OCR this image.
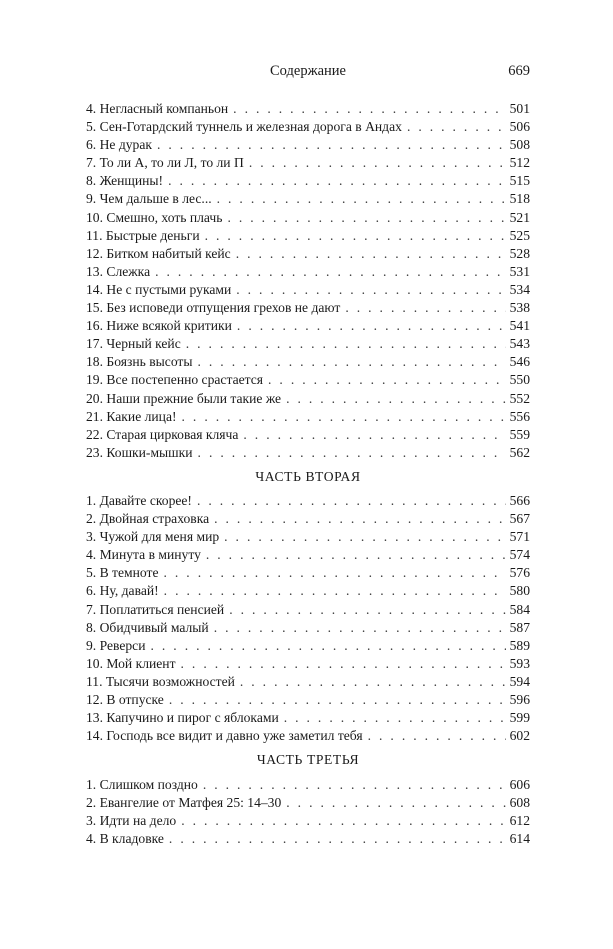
Содержание	669
4. Негласный компаньон . . .	501
5. Сен-Готардский туннель и железная дорога в Андах . . .	506
6. Не дурак . . .	508
7. То ли А, то ли Л, то ли П . . .	512
8. Женщины! . . .	515
9. Чем дальше в лес... . . .	518
10. Смешно, хоть плачь . . .	521
11. Быстрые деньги . . .	525
12. Битком набитый кейс . . .	528
13. Слежка . . .	531
14. Не с пустыми руками . . .	534
15. Без исповеди отпущения грехов не дают . . .	538
16. Ниже всякой критики . . .	541
17. Черный кейс . . .	543
18. Боязнь высоты . . .	546
19. Все постепенно срастается . . .	550
20. Наши прежние были такие же . . .	552
21. Какие лица! . . .	556
22. Старая цирковая кляча . . .	559
23. Кошки-мышки . . .	562
ЧАСТЬ ВТОРАЯ
1. Давайте скорее! . . .	566
2. Двойная страховка . . .	567
3. Чужой для меня мир . . .	571
4. Минута в минуту . . .	574
5. В темноте . . .	576
6. Ну, давай! . . .	580
7. Поплатиться пенсией . . .	584
8. Обидчивый малый . . .	587
9. Реверси . . .	589
10. Мой клиент . . .	593
11. Тысячи возможностей . . .	594
12. В отпуске . . .	596
13. Капучино и пирог с яблоками . . .	599
14. Господь все видит и давно уже заметил тебя . . .	602
ЧАСТЬ ТРЕТЬЯ
1. Слишком поздно . . .	606
2. Евангелие от Матфея 25: 14–30 . . .	608
3. Идти на дело . . .	612
4. В кладовке . . .	614
